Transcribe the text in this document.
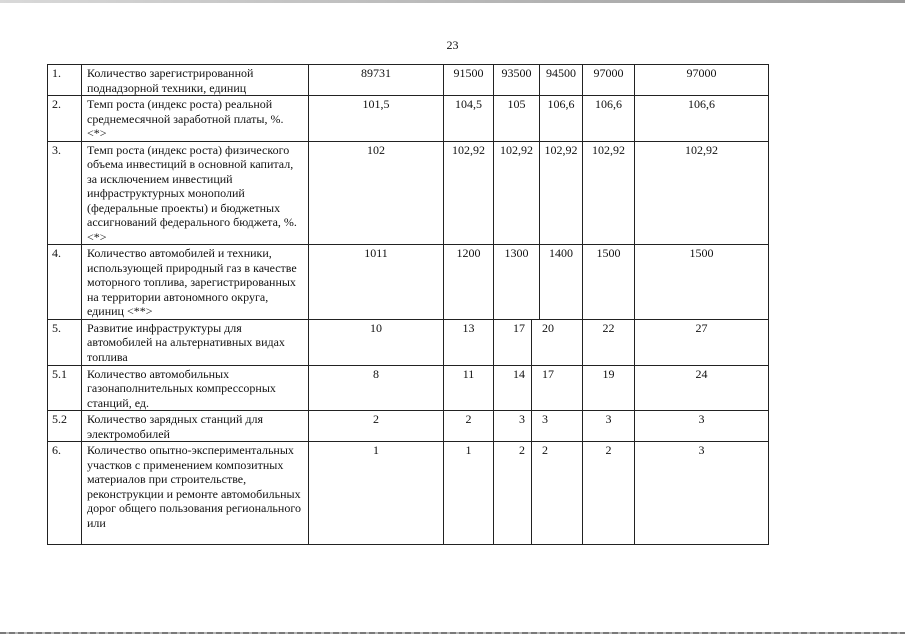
23
1.	Количество зарегистрированной поднадзорной техники, единиц	89731	91500	93500		94500	97000	97000
2.	Темп роста (индекс роста) реальной среднемесячной заработной платы, %. <*>	101,5	104,5	105		106,6	106,6	106,6
3.	Темп роста (индекс роста) физического объема инвестиций в основной капитал, за исключением инвестиций инфраструктурных монополий (федеральные проекты) и бюджетных ассигнований федерального бюджета, %. <*>	102	102,92	102,92		102,92	102,92	102,92
4.	Количество автомобилей и техники, использующей природный газ в качестве моторного топлива, зарегистрированных на территории автономного округа, единиц <**>	1011	1200	1300		1400	1500	1500
5.	Развитие инфраструктуры для автомобилей на альтернативных видах топлива	10	13	17	20		22	27
5.1	Количество автомобильных газонаполнительных компрессорных станций, ед.	8	11	14	17		19	24
5.2	Количество зарядных станций для электромобилей	2	2	3	3		3	3
6.	Количество опытно-экспериментальных участков с применением композитных материалов при строительстве, реконструкции и ремонте автомобильных дорог общего пользования регионального или	1	1	2	2		2	3
